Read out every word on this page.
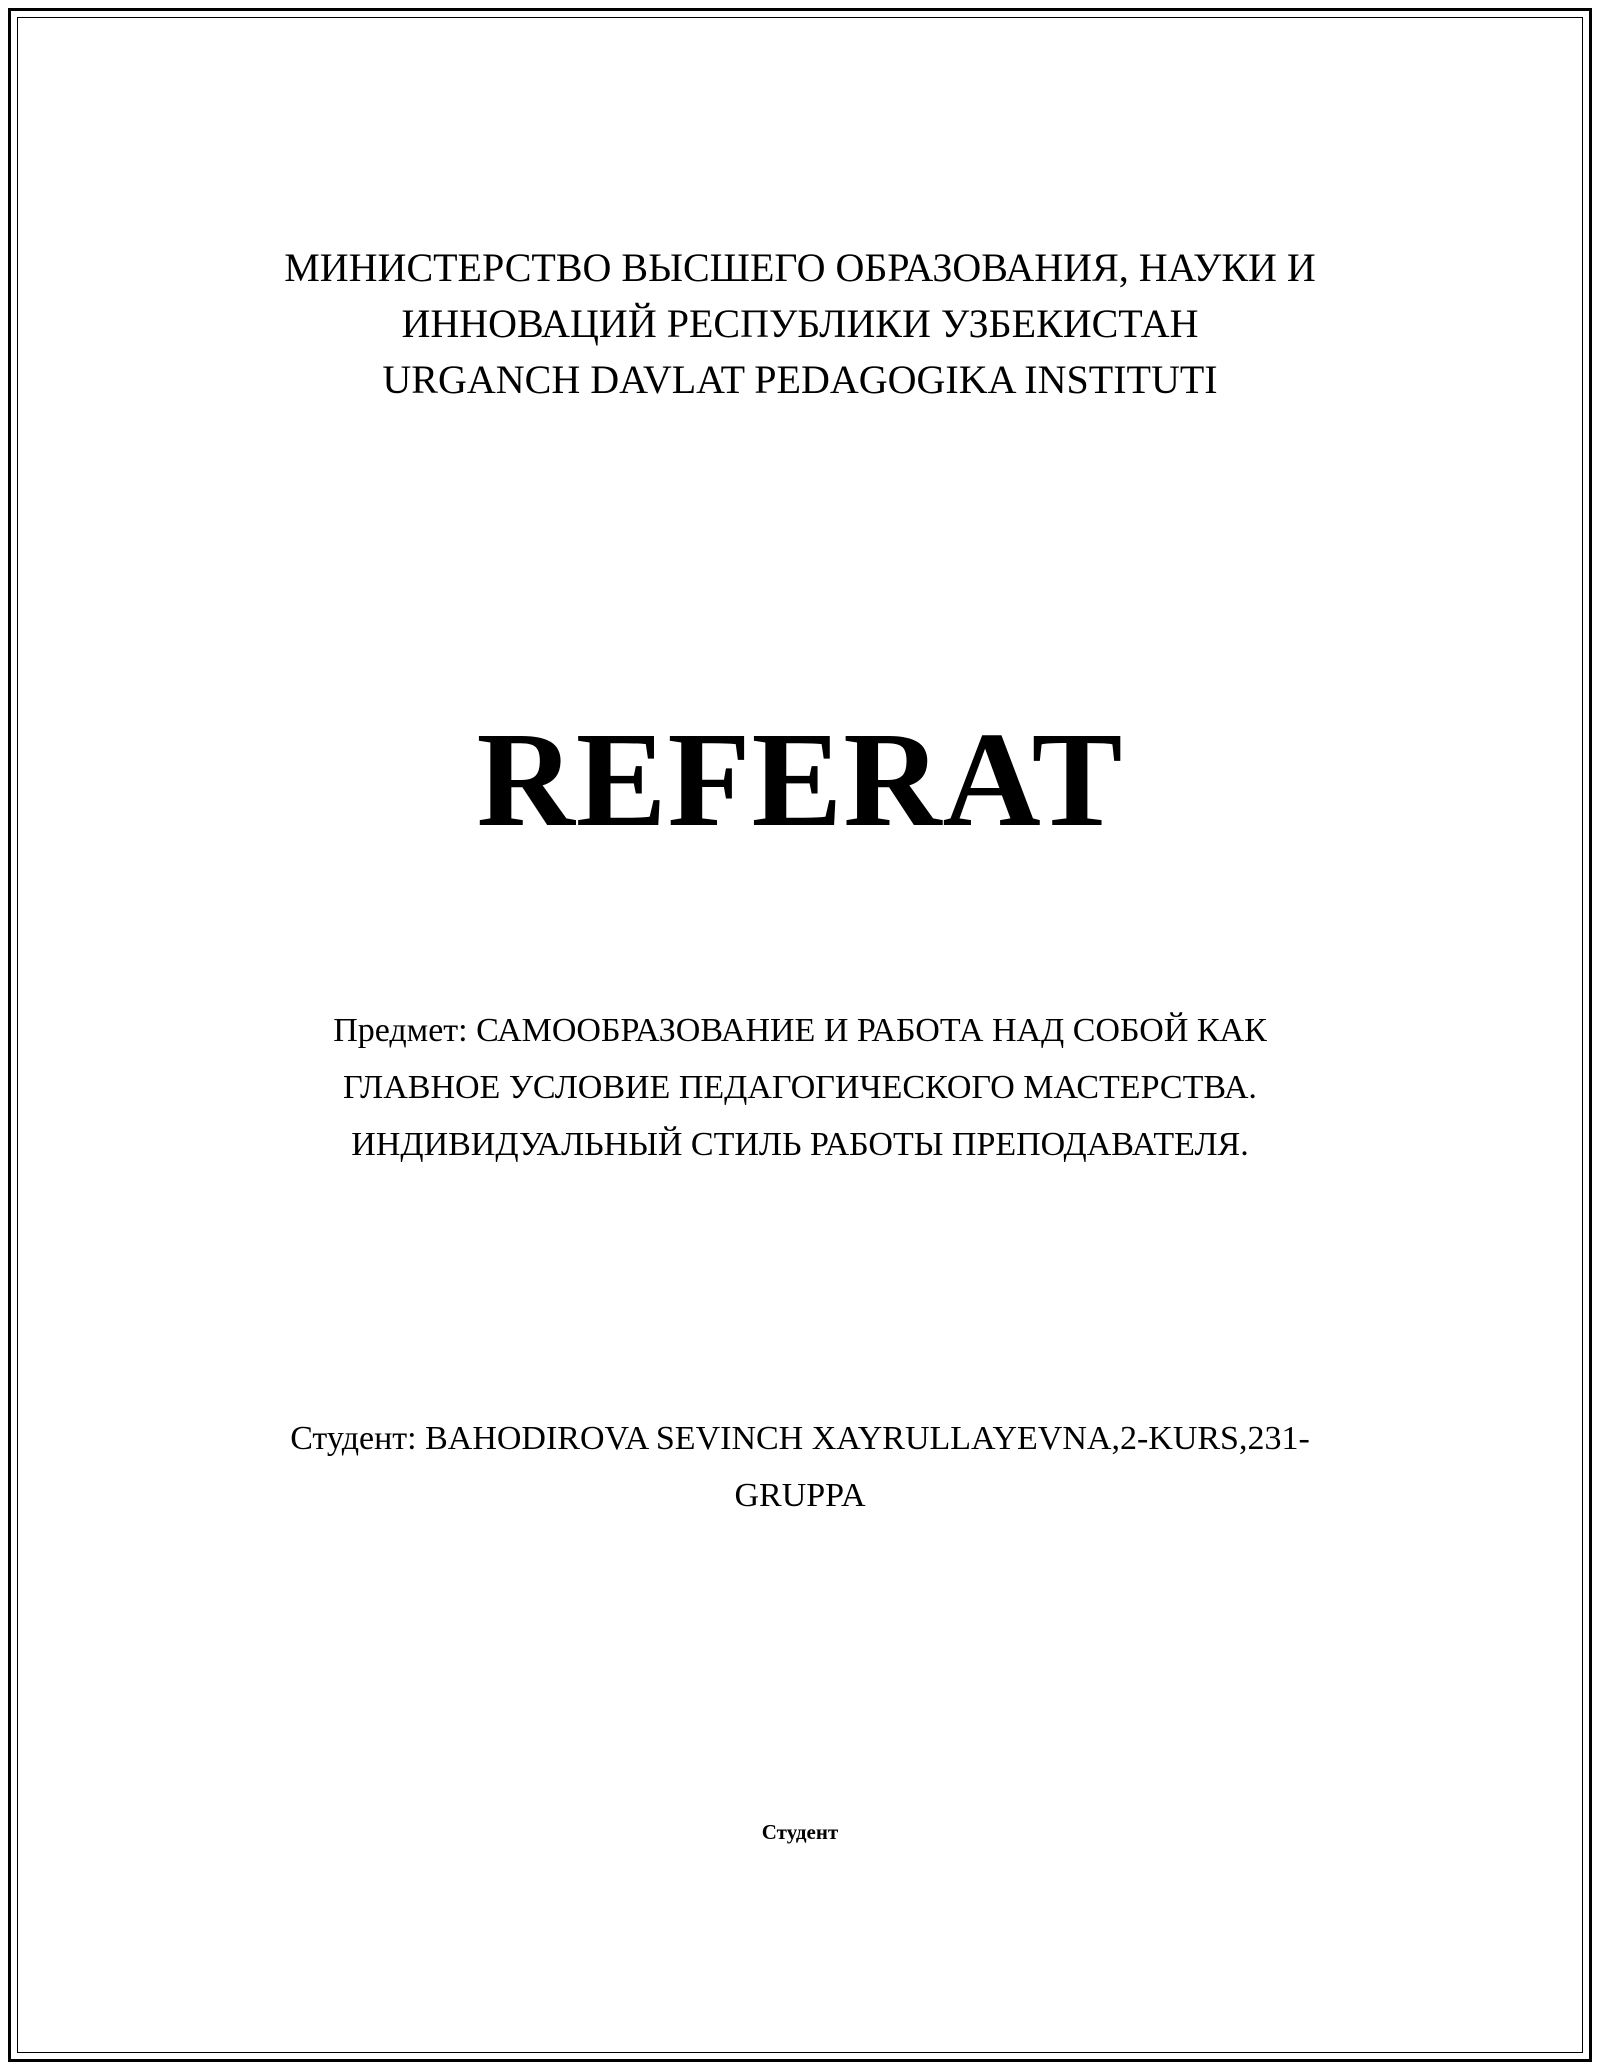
МИНИСТЕРСТВО ВЫСШЕГО ОБРАЗОВАНИЯ, НАУКИ И
ИННОВАЦИЙ РЕСПУБЛИКИ УЗБЕКИСТАН
URGANCH DAVLAT PEDAGOGIKA INSTITUTI
REFERAT
Предмет: САМООБРАЗОВАНИЕ И РАБОТА НАД СОБОЙ КАК
ГЛАВНОЕ УСЛОВИЕ ПЕДАГОГИЧЕСКОГО МАСТЕРСТВА.
ИНДИВИДУАЛЬНЫЙ СТИЛЬ РАБОТЫ ПРЕПОДАВАТЕЛЯ.
Студент: BAHODIROVA SEVINCH XAYRULLAYEVNA,2-KURS,231-
GRUPPA
Студент
